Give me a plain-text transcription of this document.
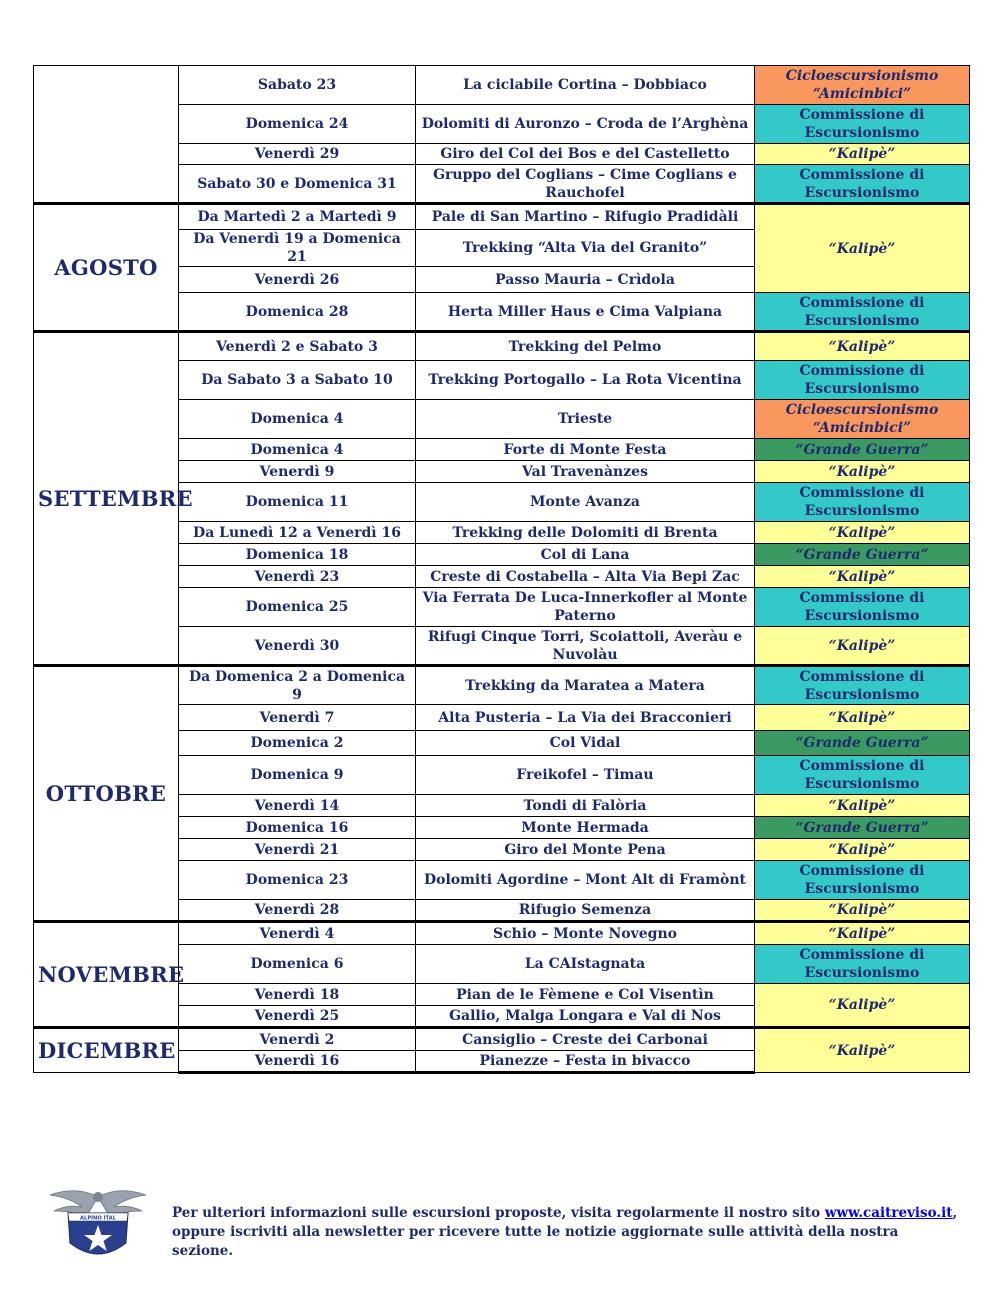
	Sabato 23	La ciclabile Cortina – Dobbiaco	Cicloescursionismo
“Amicinbici”

	Domenica 24	Dolomiti di Auronzo – Croda de l’Arghèna	Commissione di Escursionismo

	Venerdì 29	Giro del Col dei Bos e del Castelletto	“Kalipè”

	Sabato 30 e Domenica 31	Gruppo del Coglians – Cime Coglians e Rauchofel	Commissione di Escursionismo

AGOSTO	Da Martedì 2 a Martedì 9	Pale di San Martino – Rifugio Pradidàli	“Kalipè”

	Da Venerdì 19 a Domenica 21	Trekking “Alta Via del Granito”	
	Venerdì 26	Passo Mauria – Crìdola	
	Domenica 28	Herta Miller Haus e Cima Valpiana	Commissione di Escursionismo

SETTEMBRE	Venerdì 2 e Sabato 3	Trekking del Pelmo	“Kalipè”

	Da Sabato 3 a Sabato 10	Trekking Portogallo – La Rota Vicentina	Commissione di Escursionismo

	Domenica 4	Trieste	Cicloescursionismo
“Amicinbici”

	Domenica 4	Forte di Monte Festa	“Grande Guerra”

	Venerdì 9	Val Travenànzes	“Kalipè”

	Domenica 11	Monte Avanza	Commissione di Escursionismo

	Da Lunedì 12 a Venerdì 16	Trekking delle Dolomiti di Brenta	“Kalipè”

	Domenica 18	Col di Lana	“Grande Guerra”

	Venerdì 23	Creste di Costabella – Alta Via Bepi Zac	“Kalipè”

	Domenica 25	Via Ferrata De Luca-Innerkofler al Monte Paterno	Commissione di Escursionismo

	Venerdì 30	Rifugi Cinque Torri, Scoiattoli, Averàu e Nuvolàu	“Kalipè”

OTTOBRE	Da Domenica 2 a Domenica 9	Trekking da Maratea a Matera	Commissione di Escursionismo

	Venerdì 7	Alta Pusteria – La Via dei Bracconieri	“Kalipè”

	Domenica 2	Col Vidal	“Grande Guerra”

	Domenica 9	Freikofel – Timau	Commissione di Escursionismo

	Venerdì 14	Tondi di Falòria	“Kalipè”

	Domenica 16	Monte Hermada	“Grande Guerra”

	Venerdì 21	Giro del Monte Pena	“Kalipè”

	Domenica 23	Dolomiti Agordine – Mont Alt di Framònt	Commissione di Escursionismo

	Venerdì 28	Rifugio Semenza	“Kalipè”

NOVEMBRE	Venerdì 4	Schio – Monte Novegno	“Kalipè”

	Domenica 6	La CAIstagnata	Commissione di Escursionismo

	Venerdì 18	Pian de le Fèmene e Col Visentìn	“Kalipè”

	Venerdì 25	Gallio, Malga Longara e Val di Nos	
DICEMBRE	Venerdì 2	Cansiglio – Creste dei Carbonai	“Kalipè”

	Venerdì 16	Pianezze – Festa in bivacco	
ALPINO ITAL	Per ulteriori informazioni sulle escursioni proposte, visita regolarmente il nostro sito www.caitreviso.it,
oppure iscriviti alla newsletter per ricevere tutte le notizie aggiornate sulle attività della nostra sezione.
